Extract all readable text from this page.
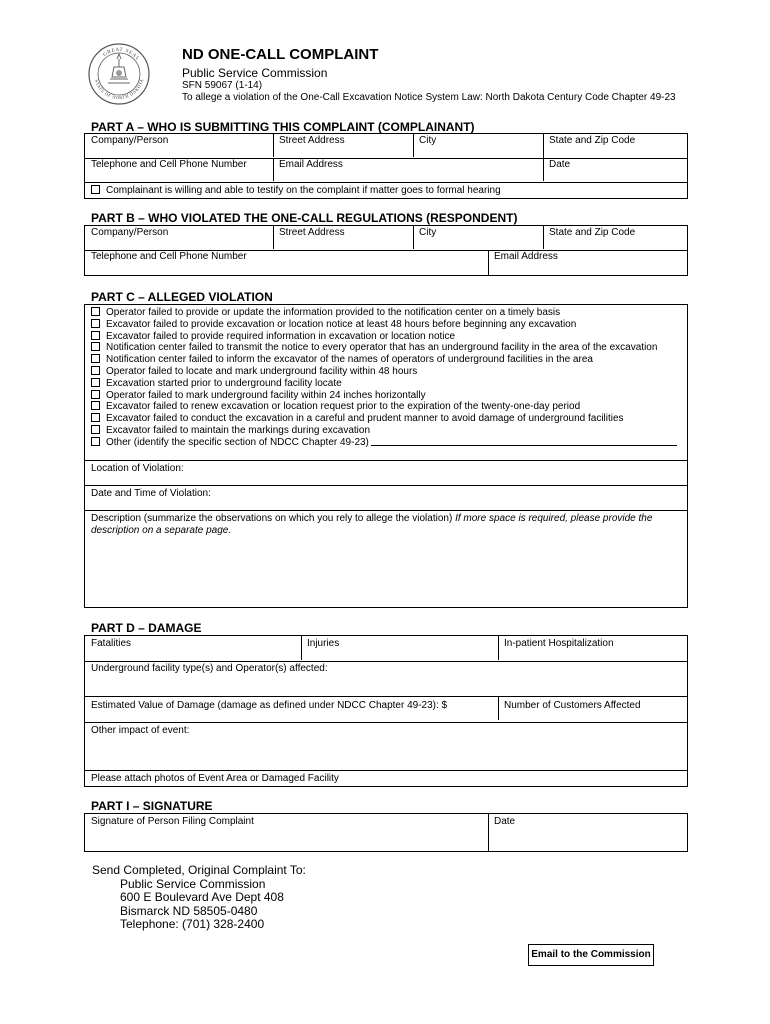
GREAT SEAL
STATE OF NORTH DAKOTA
ND ONE-CALL COMPLAINT
Public Service Commission
SFN 59067 (1-14)
To allege a violation of the One-Call Excavation Notice System Law: North Dakota Century Code Chapter 49-23
PART A – WHO IS SUBMITTING THIS COMPLAINT (COMPLAINANT)
Company/Person	Street Address	City	State and Zip Code
Telephone and Cell Phone Number	Email Address	Date
Complainant is willing and able to testify on the complaint if matter goes to formal hearing
PART B – WHO VIOLATED THE ONE-CALL REGULATIONS (RESPONDENT)
Company/Person	Street Address	City	State and Zip Code
Telephone and Cell Phone Number	Email Address
PART C – ALLEGED VIOLATION
Operator failed to provide or update the information provided to the notification center on a timely basis
Excavator failed to provide excavation or location notice at least 48 hours before beginning any excavation
Excavator failed to provide required information in excavation or location notice
Notification center failed to transmit the notice to every operator that has an underground facility in the area of the excavation
Notification center failed to inform the excavator of the names of operators of underground facilities in the area
Operator failed to locate and mark underground facility within 48 hours
Excavation started prior to underground facility locate
Operator failed to mark underground facility within 24 inches horizontally
Excavator failed to renew excavation or location request prior to the expiration of the twenty-one-day period
Excavator failed to conduct the excavation in a careful and prudent manner to avoid damage of underground facilities
Excavator failed to maintain the markings during excavation
Other (identify the specific section of NDCC Chapter 49-23)
Location of Violation:
Date and Time of Violation:
Description (summarize the observations on which you rely to allege the violation) If more space is required, please provide the description on a separate page.
PART D – DAMAGE
Fatalities	Injuries	In-patient Hospitalization
Underground facility type(s) and Operator(s) affected:
Estimated Value of Damage (damage as defined under NDCC Chapter 49-23): $	Number of Customers Affected
Other impact of event:
Please attach photos of Event Area or Damaged Facility
PART I – SIGNATURE
Signature of Person Filing Complaint	Date
Send Completed, Original Complaint To:
Public Service Commission
600 E Boulevard Ave Dept 408
Bismarck ND 58505-0480
Telephone: (701) 328-2400
Email to the Commission
